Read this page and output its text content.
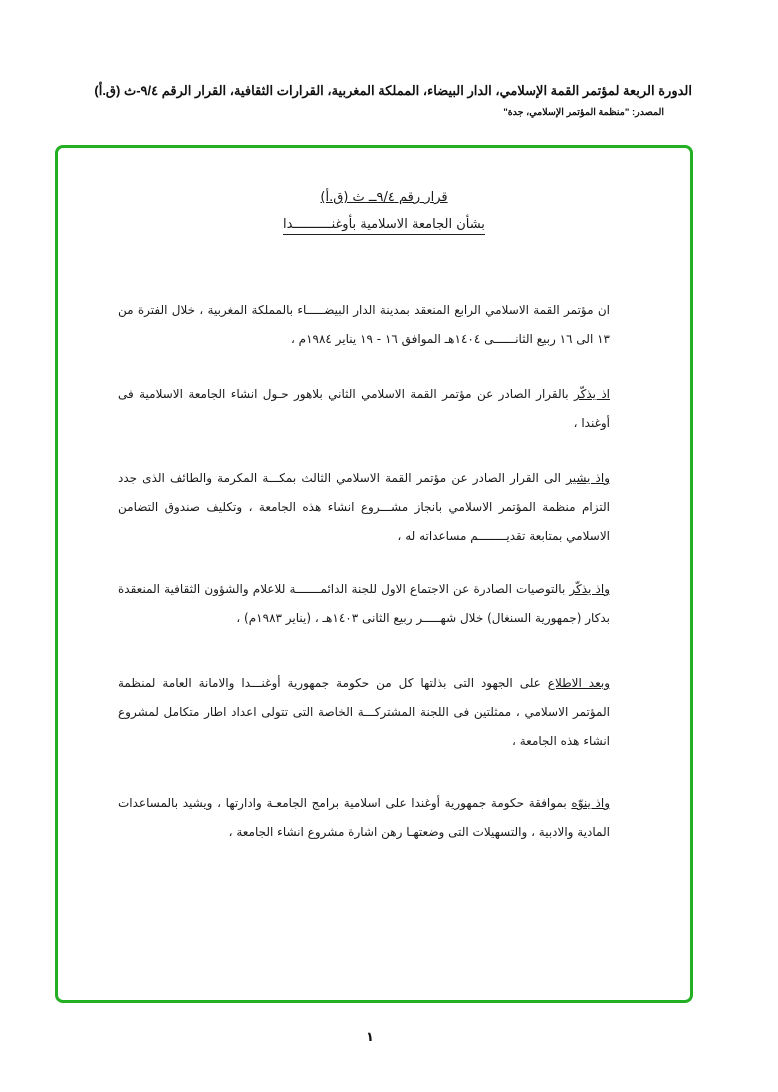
الدورة الربعة لمؤتمر القمة الإسلامي، الدار البيضاء، المملكة المغربية، القرارات الثقافية، القرار الرقم ٩/٤-ث (ق.أ)

المصدر: "منظمة المؤتمر الإسلامي، جدة"
قرار رقم ٩/٤ــ ث (ق.أ)
بشأن الجامعة الاسلامية بأوغنــــــــــدا

ان مؤتمر القمة الاسلامي الرابع المنعقد بمدينة الدار البيضـــــاء بالمملكة المغربية ، خلال الفترة من ١٣ الى ١٦ ربيع الثانــــــى ١٤٠٤هـ الموافق ١٦ - ١٩ يناير ١٩٨٤م ،

اذ يذكّر بالقرار الصادر عن مؤتمر القمة الاسلامي الثاني بلاهور حـول انشاء الجامعة الاسلامية فى أوغندا ،

واذ يشير الى القرار الصادر عن مؤتمر القمة الاسلامي الثالث بمكـــة المكرمة والطائف الذى جدد التزام منظمة المؤتمر الاسلامي بانجاز مشـــروع انشاء هذه الجامعة ، وتكليف صندوق التضامن الاسلامي بمتابعة تقديــــــــم مساعداته له ،

واذ يذكّر بالتوصيات الصادرة عن الاجتماع الاول للجنة الدائمـــــــة للاعلام والشؤون الثقافية المنعقدة بدكار (جمهورية السنغال) خلال شهـــــر ربيع الثانى ١٤٠٣هـ ، (يناير ١٩٨٣م) ،

وبعد الاطلاع على الجهود التى بذلتها كل من حكومة جمهورية أوغنـــدا والامانة العامة لمنظمة المؤتمر الاسلامي ، ممثلتين فى اللجنة المشتركـــة الخاصة التى تتولى اعداد اطار متكامل لمشروع انشاء هذه الجامعة ،

واذ ينوّه بموافقة حكومة جمهورية أوغندا على اسلامية برامج الجامعـة وادارتها ، ويشيد بالمساعدات المادية والادبية ، والتسهيلات التى وضعتهـا رهن اشارة مشروع انشاء الجامعة ،

١
